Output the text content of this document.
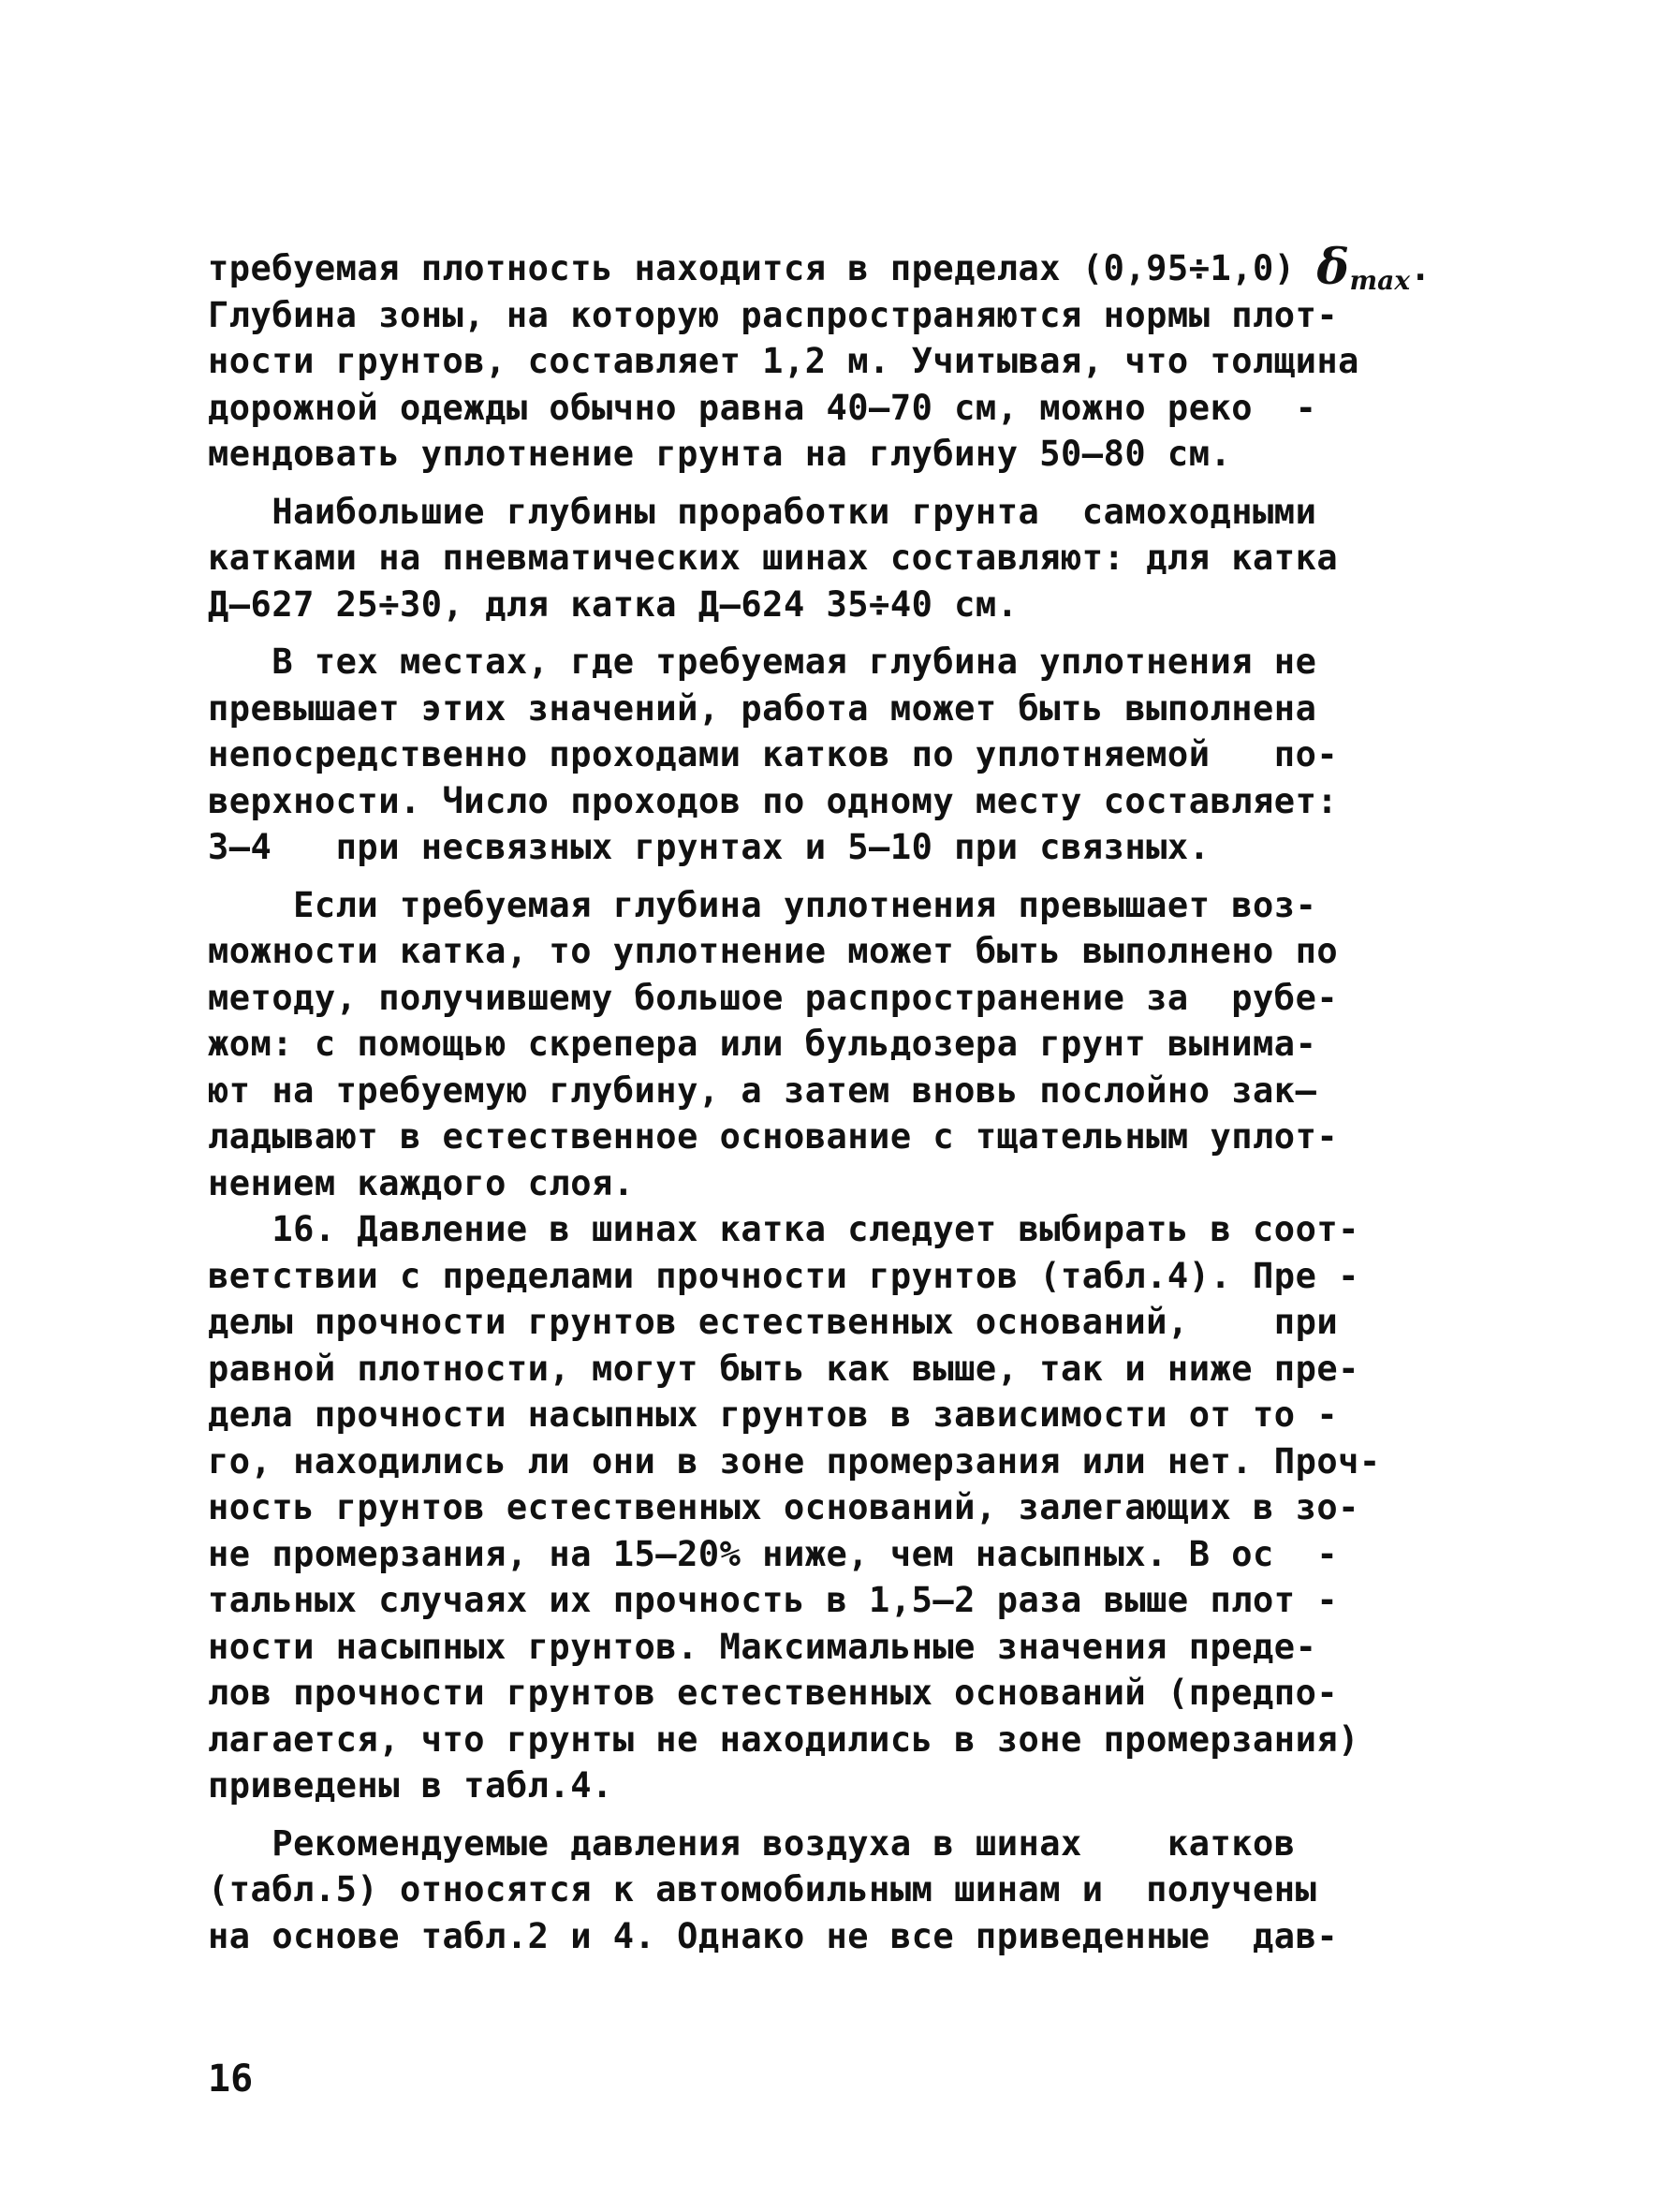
требуемая плотность находится в пределах (0,95÷1,0) $\delta_{max}$.
Глубина зоны, на которую распространяются нормы плот-
ности грунтов, составляет 1,2 м. Учитывая, что толщина
дорожной одежды обычно равна 40–70 см, можно реко  -
мендовать уплотнение грунта на глубину 50–80 см.
Наибольшие глубины проработки грунта  самоходными
катками на пневматических шинах составляют: для катка
Д–627 25÷30, для катка Д–624 35÷40 см.
В тех местах, где требуемая глубина уплотнения не
превышает этих значений, работа может быть выполнена
непосредственно проходами катков по уплотняемой   по-
верхности. Число проходов по одному месту составляет:
3–4   при несвязных грунтах и 5–10 при связных.
Если требуемая глубина уплотнения превышает воз-
можности катка, то уплотнение может быть выполнено по
методу, получившему большое распространение за  рубе-
жом: с помощью скрепера или бульдозера грунт вынима-
ют на требуемую глубину, а затем вновь послойно зак—
ладывают в естественное основание с тщательным уплот-
нением каждого слоя.
16. Давление в шинах катка следует выбирать в соот-
ветствии с пределами прочности грунтов (табл.4). Пре -
делы прочности грунтов естественных оснований,    при
равной плотности, могут быть как выше, так и ниже пре-
дела прочности насыпных грунтов в зависимости от то -
го, находились ли они в зоне промерзания или нет. Проч-
ность грунтов естественных оснований, залегающих в зо-
не промерзания, на 15–20% ниже, чем насыпных. В ос  -
тальных случаях их прочность в 1,5–2 раза выше плот -
ности насыпных грунтов. Максимальные значения преде-
лов прочности грунтов естественных оснований (предпо-
лагается, что грунты не находились в зоне промерзания)
приведены в табл.4.
Рекомендуемые давления воздуха в шинах    катков
(табл.5) относятся к автомобильным шинам и  получены
на основе табл.2 и 4. Однако не все приведенные  дав-
16
